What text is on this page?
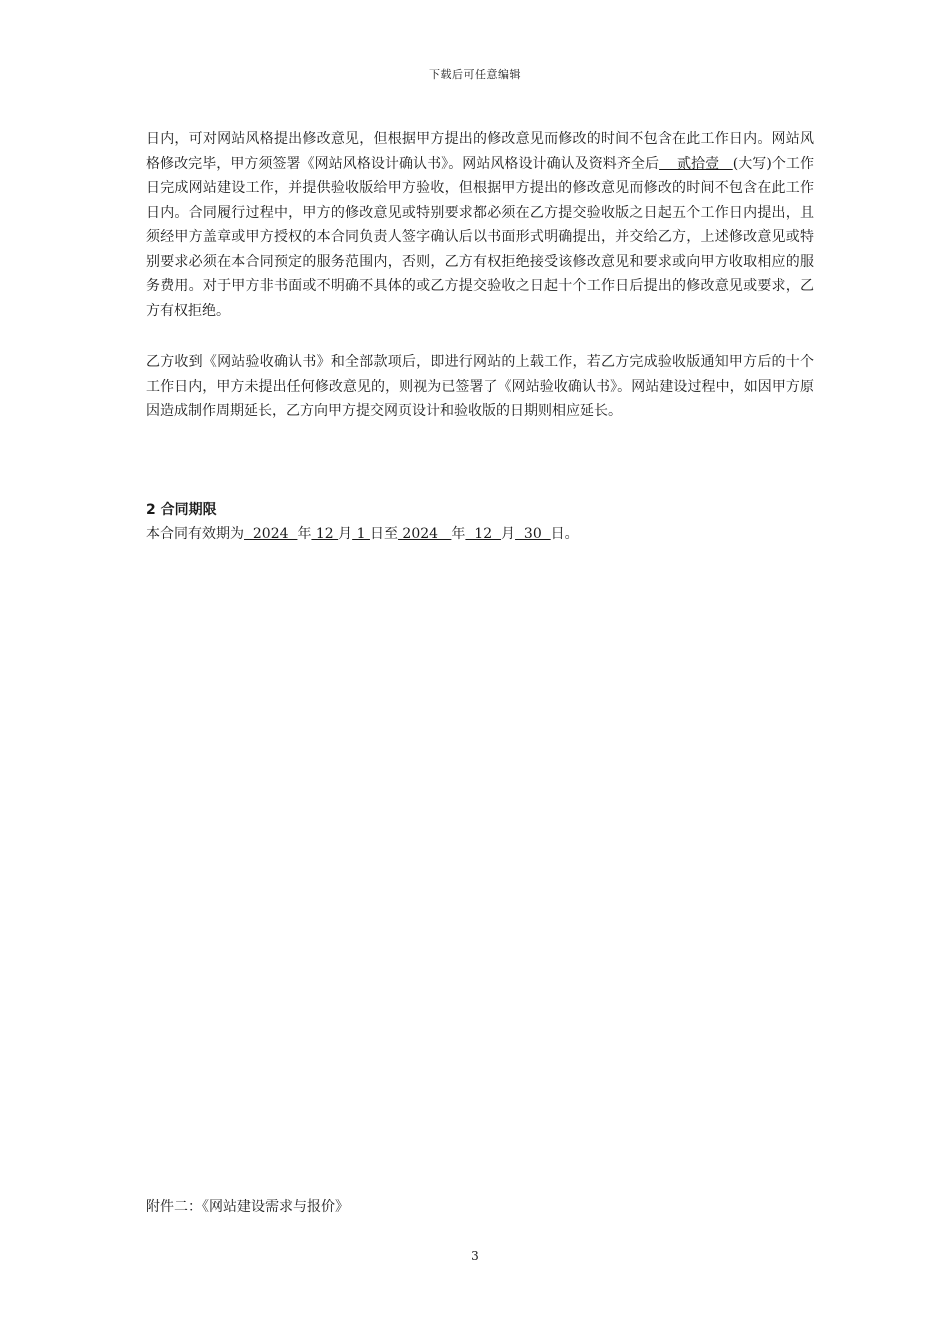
下载后可任意编辑
日内，可对网站风格提出修改意见，但根据甲方提出的修改意见而修改的时间不包含在此工作日内。网站风格修改完毕，甲方须签署《网站风格设计确认书》。网站风格设计确认及资料齐全后    贰拾壹   (大写)个工作日完成网站建设工作，并提供验收版给甲方验收，但根据甲方提出的修改意见而修改的时间不包含在此工作日内。合同履行过程中，甲方的修改意见或特别要求都必须在乙方提交验收版之日起五个工作日内提出，且须经甲方盖章或甲方授权的本合同负责人签字确认后以书面形式明确提出，并交给乙方，上述修改意见或特别要求必须在本合同预定的服务范围内，否则，乙方有权拒绝接受该修改意见和要求或向甲方收取相应的服务费用。对于甲方非书面或不明确不具体的或乙方提交验收之日起十个工作日后提出的修改意见或要求，乙方有权拒绝。
乙方收到《网站验收确认书》和全部款项后，即进行网站的上载工作，若乙方完成验收版通知甲方后的十个工作日内，甲方未提出任何修改意见的，则视为已签署了《网站验收确认书》。网站建设过程中，如因甲方原因造成制作周期延长，乙方向甲方提交网页设计和验收版的日期则相应延长。
2 合同期限
本合同有效期为  2024  年 12 月 1 日至 2024   年  12  月  30  日。
附件二：《网站建设需求与报价》
3
